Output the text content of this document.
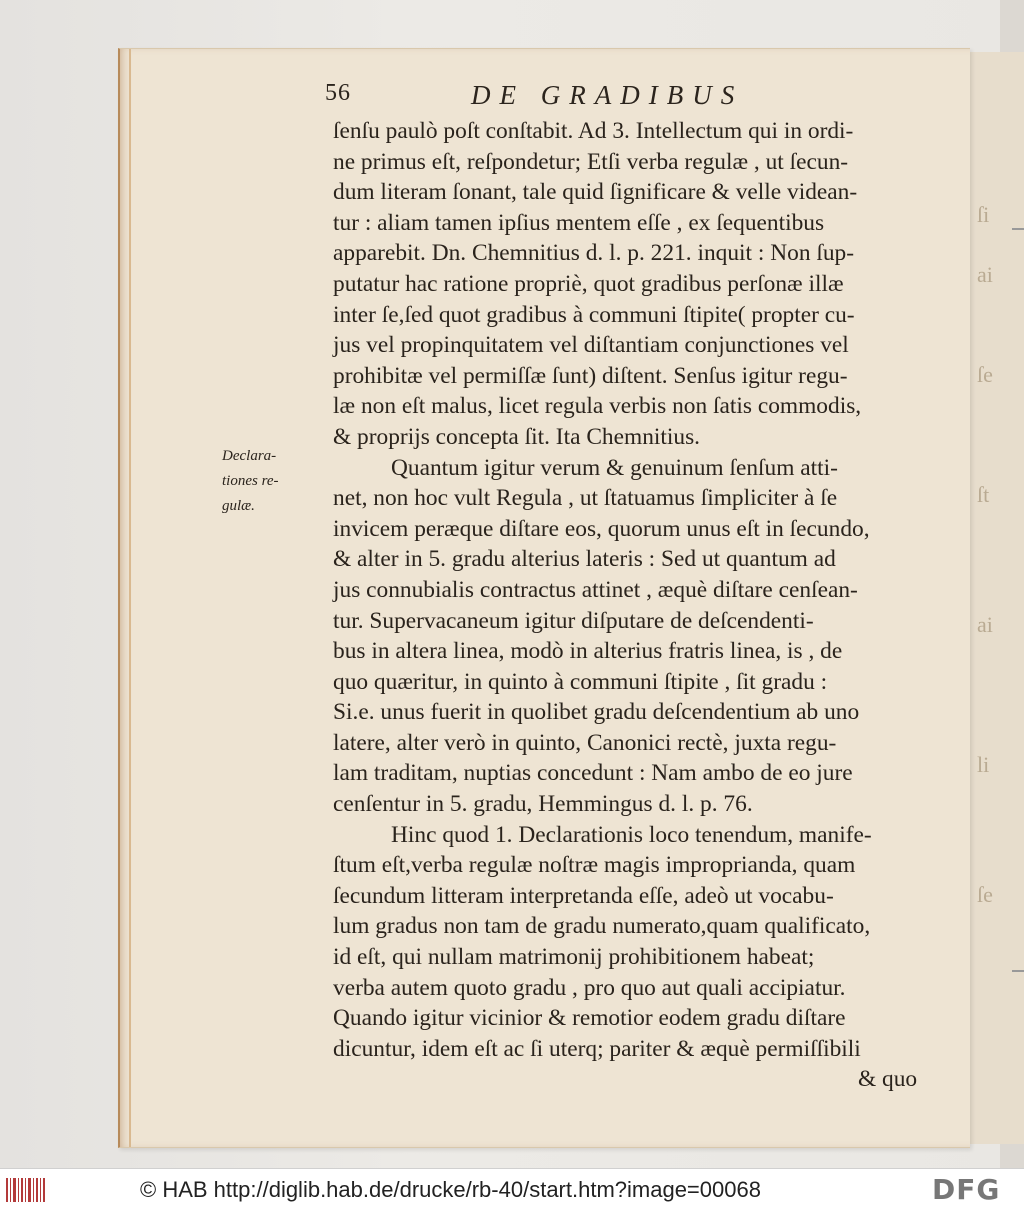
ſi
ai
ſe
ſt
ai
li
ſe
56	DE GRADIBUS
Declara-
tiones re-
gulæ.
ſenſu paulò poſt conſtabit. Ad 3. Intellectum qui in ordi-
ne primus eſt, reſpondetur; Etſi verba regulæ , ut ſecun-
dum literam ſonant, tale quid ſignificare & velle videan-
tur : aliam tamen ipſius mentem eſſe , ex ſequentibus
apparebit. Dn. Chemnitius d. l. p. 221. inquit : Non ſup-
putatur hac ratione propriè, quot gradibus perſonæ illæ
inter ſe,ſed quot gradibus à communi ſtipite( propter cu-
jus vel propinquitatem vel diſtantiam conjunctiones vel
prohibitæ vel permiſſæ ſunt) diſtent. Senſus igitur regu-
læ non eſt malus, licet regula verbis non ſatis commodis,
& proprijs concepta ſit. Ita Chemnitius.
Quantum igitur verum & genuinum ſenſum atti-
net, non hoc vult Regula , ut ſtatuamus ſimpliciter à ſe
invicem peræque diſtare eos, quorum unus eſt in ſecundo,
& alter in 5. gradu alterius lateris : Sed ut quantum ad
jus connubialis contractus attinet , æquè diſtare cenſean-
tur. Supervacaneum igitur diſputare de deſcendenti-
bus in altera linea, modò in alterius fratris linea, is , de
quo quæritur, in quinto à communi ſtipite , ſit gradu :
Si.e. unus fuerit in quolibet gradu deſcendentium ab uno
latere, alter verò in quinto, Canonici rectè, juxta regu-
lam traditam, nuptias concedunt : Nam ambo de eo jure
cenſentur in 5. gradu, Hemmingus d. l. p. 76.
Hinc quod 1. Declarationis loco tenendum, manife-
ſtum eſt,verba regulæ noſtræ magis improprianda, quam
ſecundum litteram interpretanda eſſe, adeò ut vocabu-
lum gradus non tam de gradu numerato,quam qualificato,
id eſt, qui nullam matrimonij prohibitionem habeat;
verba autem quoto gradu , pro quo aut quali accipiatur.
Quando igitur vicinior & remotior eodem gradu diſtare
dicuntur, idem eſt ac ſi uterq; pariter & æquè permiſſibili
& quo
© HAB http://diglib.hab.de/drucke/rb-40/start.htm?image=00068	DFG
